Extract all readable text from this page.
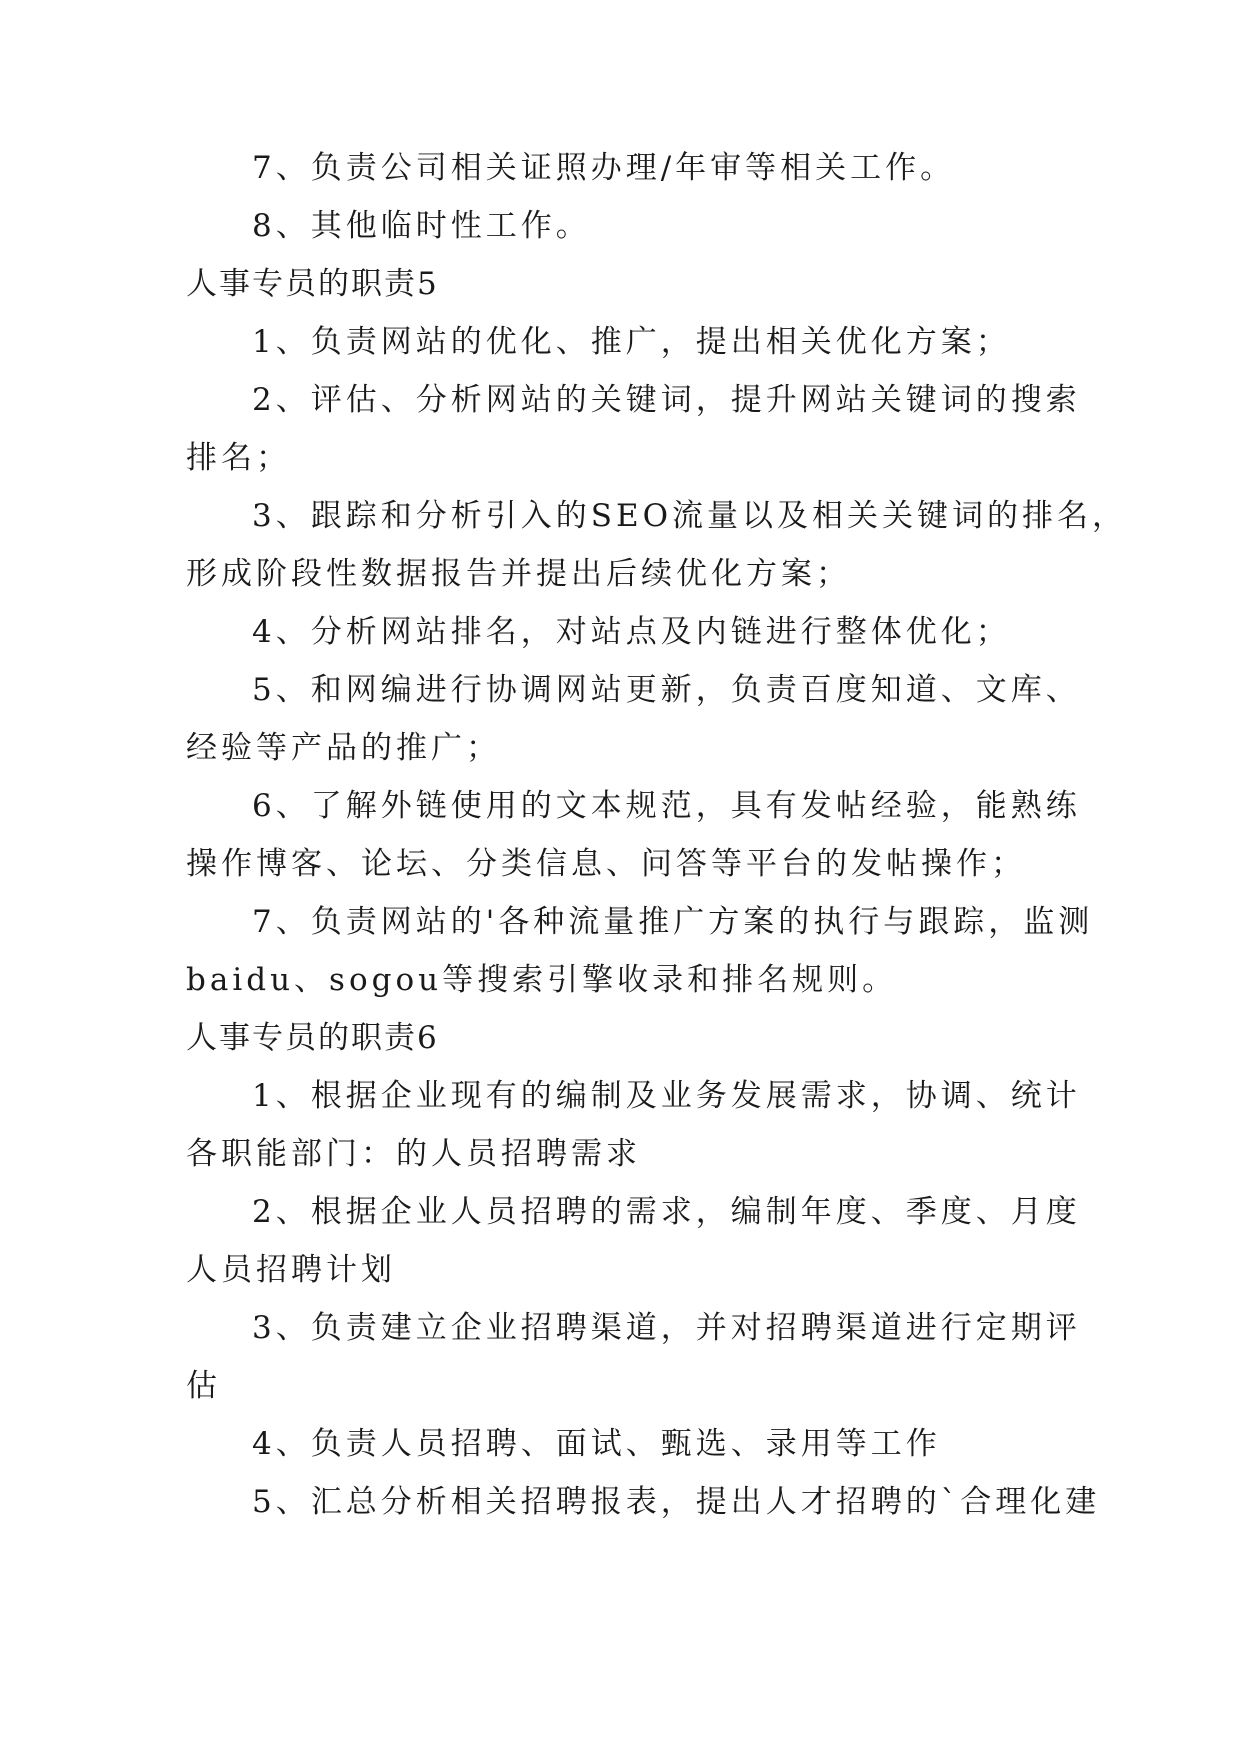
7、负责公司相关证照办理/年审等相关工作。

8、其他临时性工作。

人事专员的职责5

1、负责网站的优化、推广，提出相关优化方案；

2、评估、分析网站的关键词，提升网站关键词的搜索

排名；

3、跟踪和分析引入的SEO流量以及相关关键词的排名，

形成阶段性数据报告并提出后续优化方案；

4、分析网站排名，对站点及内链进行整体优化；

5、和网编进行协调网站更新，负责百度知道、文库、

经验等产品的推广；

6、了解外链使用的文本规范，具有发帖经验，能熟练

操作博客、论坛、分类信息、问答等平台的发帖操作；

7、负责网站的'各种流量推广方案的执行与跟踪，监测

baidu、sogou等搜索引擎收录和排名规则。

人事专员的职责6

1、根据企业现有的编制及业务发展需求，协调、统计

各职能部门：的人员招聘需求

2、根据企业人员招聘的需求，编制年度、季度、月度

人员招聘计划

3、负责建立企业招聘渠道，并对招聘渠道进行定期评

估

4、负责人员招聘、面试、甄选、录用等工作

5、汇总分析相关招聘报表，提出人才招聘的`合理化建
